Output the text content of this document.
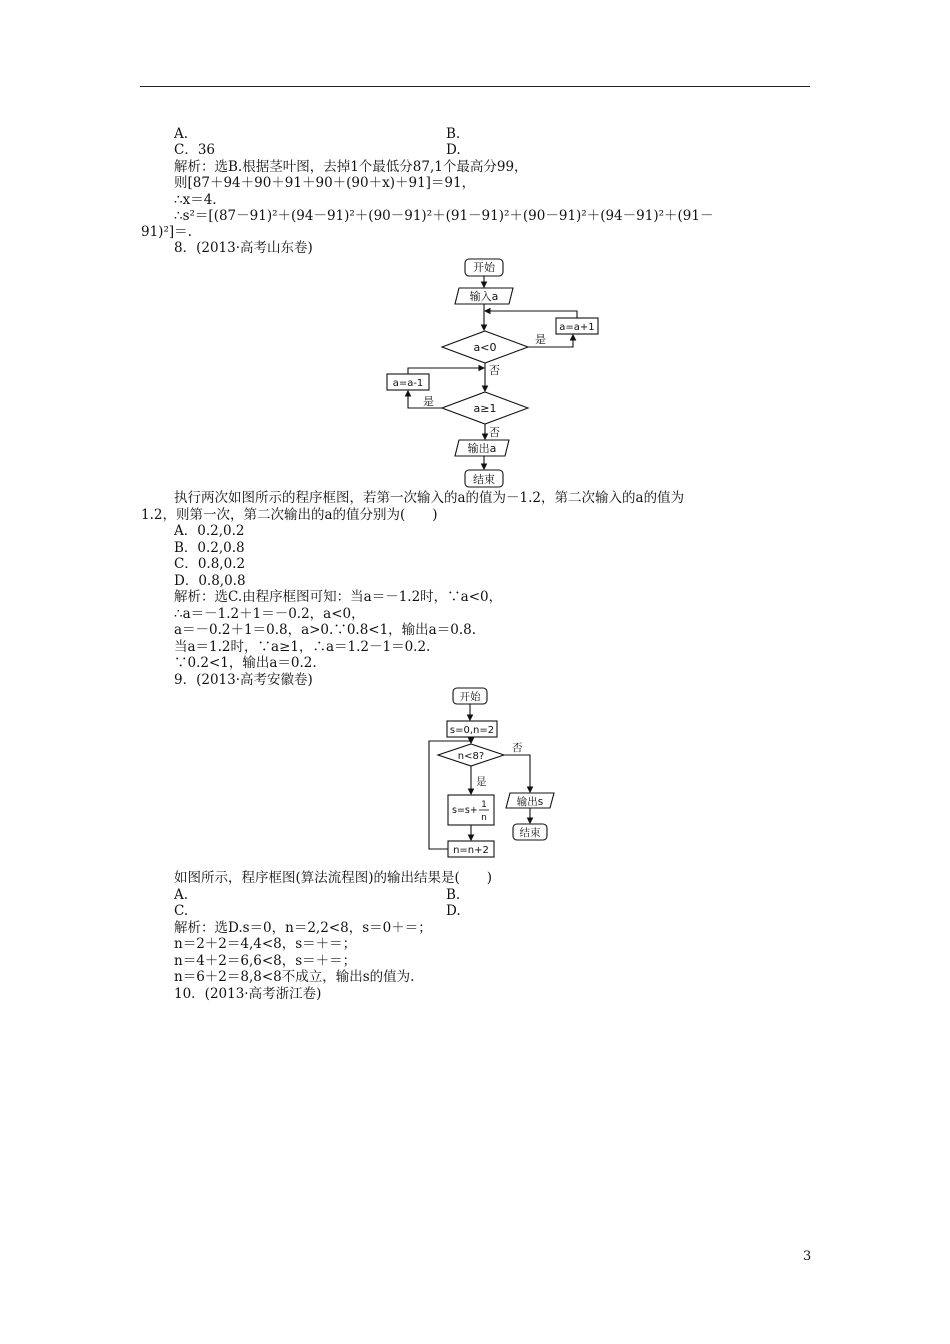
A.	B.
C．36	D.
解析：选B.根据茎叶图，去掉1个最低分87,1个最高分99，
则[87＋94＋90＋91＋90＋(90＋x)＋91]＝91，
∴x＝4.
∴s²＝[(87－91)²＋(94－91)²＋(90－91)²＋(91－91)²＋(90－91)²＋(94－91)²＋(91－
91)²]＝.
8．(2013·高考山东卷)
开始
输入a
a=a+1
a<0
是
否
a=a-1
是
a≥1
否
输出a
结束
执行两次如图所示的程序框图，若第一次输入的a的值为－1.2，第二次输入的a的值为
1.2，则第一次，第二次输出的a的值分别为(　　)
A．0.2,0.2
B．0.2,0.8
C．0.8,0.2
D．0.8,0.8
解析：选C.由程序框图可知：当a＝－1.2时，∵a<0，
∴a＝－1.2＋1＝－0.2，a<0，
a＝－0.2＋1＝0.8，a>0.∵0.8<1，输出a＝0.8.
当a＝1.2时，∵a≥1，∴a＝1.2－1＝0.2.
∵0.2<1，输出a＝0.2.
9．(2013·高考安徽卷)
开始
s=0,n=2
n<8?
否
是
s=s+ 1
n
输出s
结束
n=n+2
如图所示，程序框图(算法流程图)的输出结果是(　　)
A.	B.
C.	D.
解析：选D.s＝0，n＝2,2<8，s＝0＋＝；
n＝2＋2＝4,4<8，s＝＋＝；
n＝4＋2＝6,6<8，s＝＋＝；
n＝6＋2＝8,8<8不成立，输出s的值为.
10．(2013·高考浙江卷)
3
